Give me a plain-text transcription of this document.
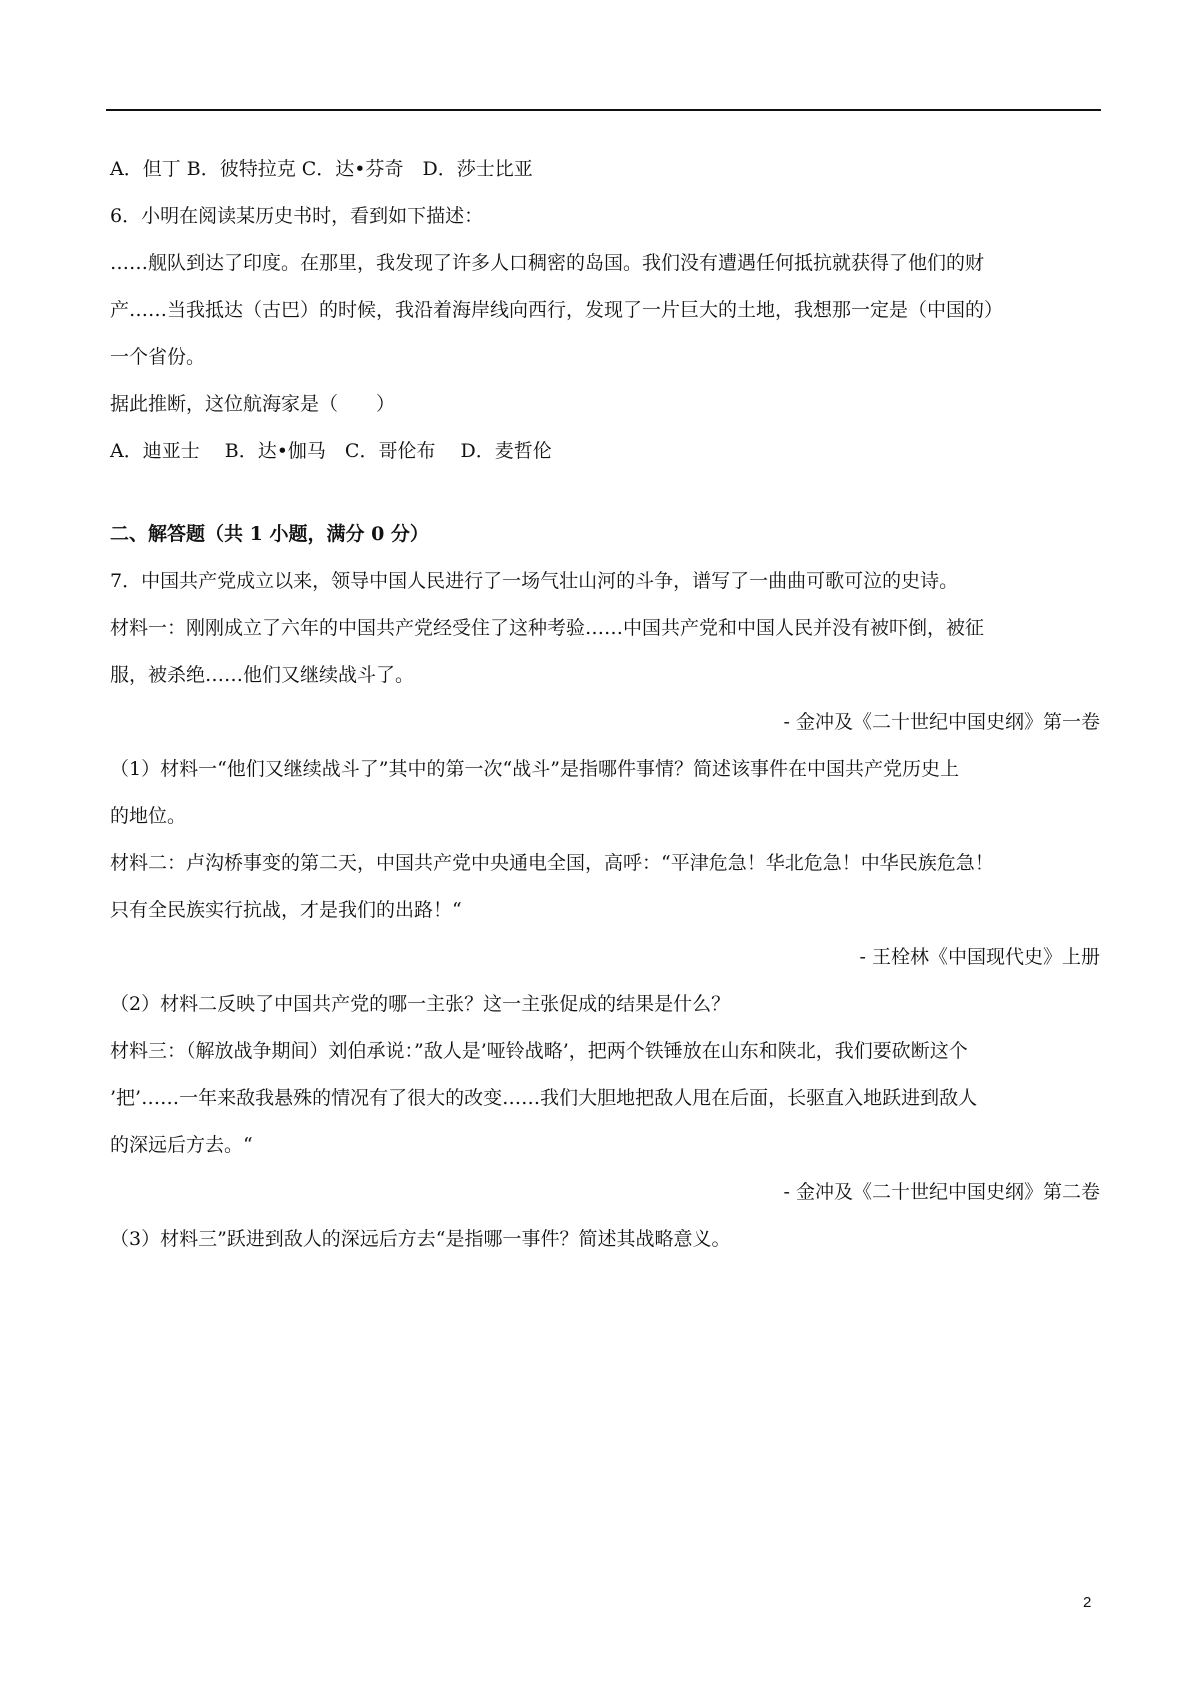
A．但丁 B．彼特拉克 C．达•芬奇　D．莎士比亚
6．小明在阅读某历史书时，看到如下描述：
……舰队到达了印度。在那里，我发现了许多人口稠密的岛国。我们没有遭遇任何抵抗就获得了他们的财
产……当我抵达（古巴）的时候，我沿着海岸线向西行，发现了一片巨大的土地，我想那一定是（中国的）
一个省份。
据此推断，这位航海家是（　　）
A．迪亚士　 B．达•伽马　C．哥伦布　 D．麦哲伦
二、解答题（共 1 小题，满分 0 分）
7．中国共产党成立以来，领导中国人民进行了一场气壮山河的斗争，谱写了一曲曲可歌可泣的史诗。
材料一：刚刚成立了六年的中国共产党经受住了这种考验……中国共产党和中国人民并没有被吓倒，被征
服，被杀绝……他们又继续战斗了。
- 金冲及《二十世纪中国史纲》第一卷
（1）材料一“他们又继续战斗了”其中的第一次“战斗”是指哪件事情？简述该事件在中国共产党历史上
的地位。
材料二：卢沟桥事变的第二天，中国共产党中央通电全国，高呼：“平津危急！华北危急！中华民族危急！
只有全民族实行抗战，才是我们的出路！“
- 王栓林《中国现代史》上册
（2）材料二反映了中国共产党的哪一主张？这一主张促成的结果是什么？
材料三：（解放战争期间）刘伯承说：”敌人是’哑铃战略’，把两个铁锤放在山东和陕北，我们要砍断这个
’把’……一年来敌我悬殊的情况有了很大的改变……我们大胆地把敌人甩在后面，长驱直入地跃进到敌人
的深远后方去。“
- 金冲及《二十世纪中国史纲》第二卷
（3）材料三”跃进到敌人的深远后方去“是指哪一事件？简述其战略意义。
2
